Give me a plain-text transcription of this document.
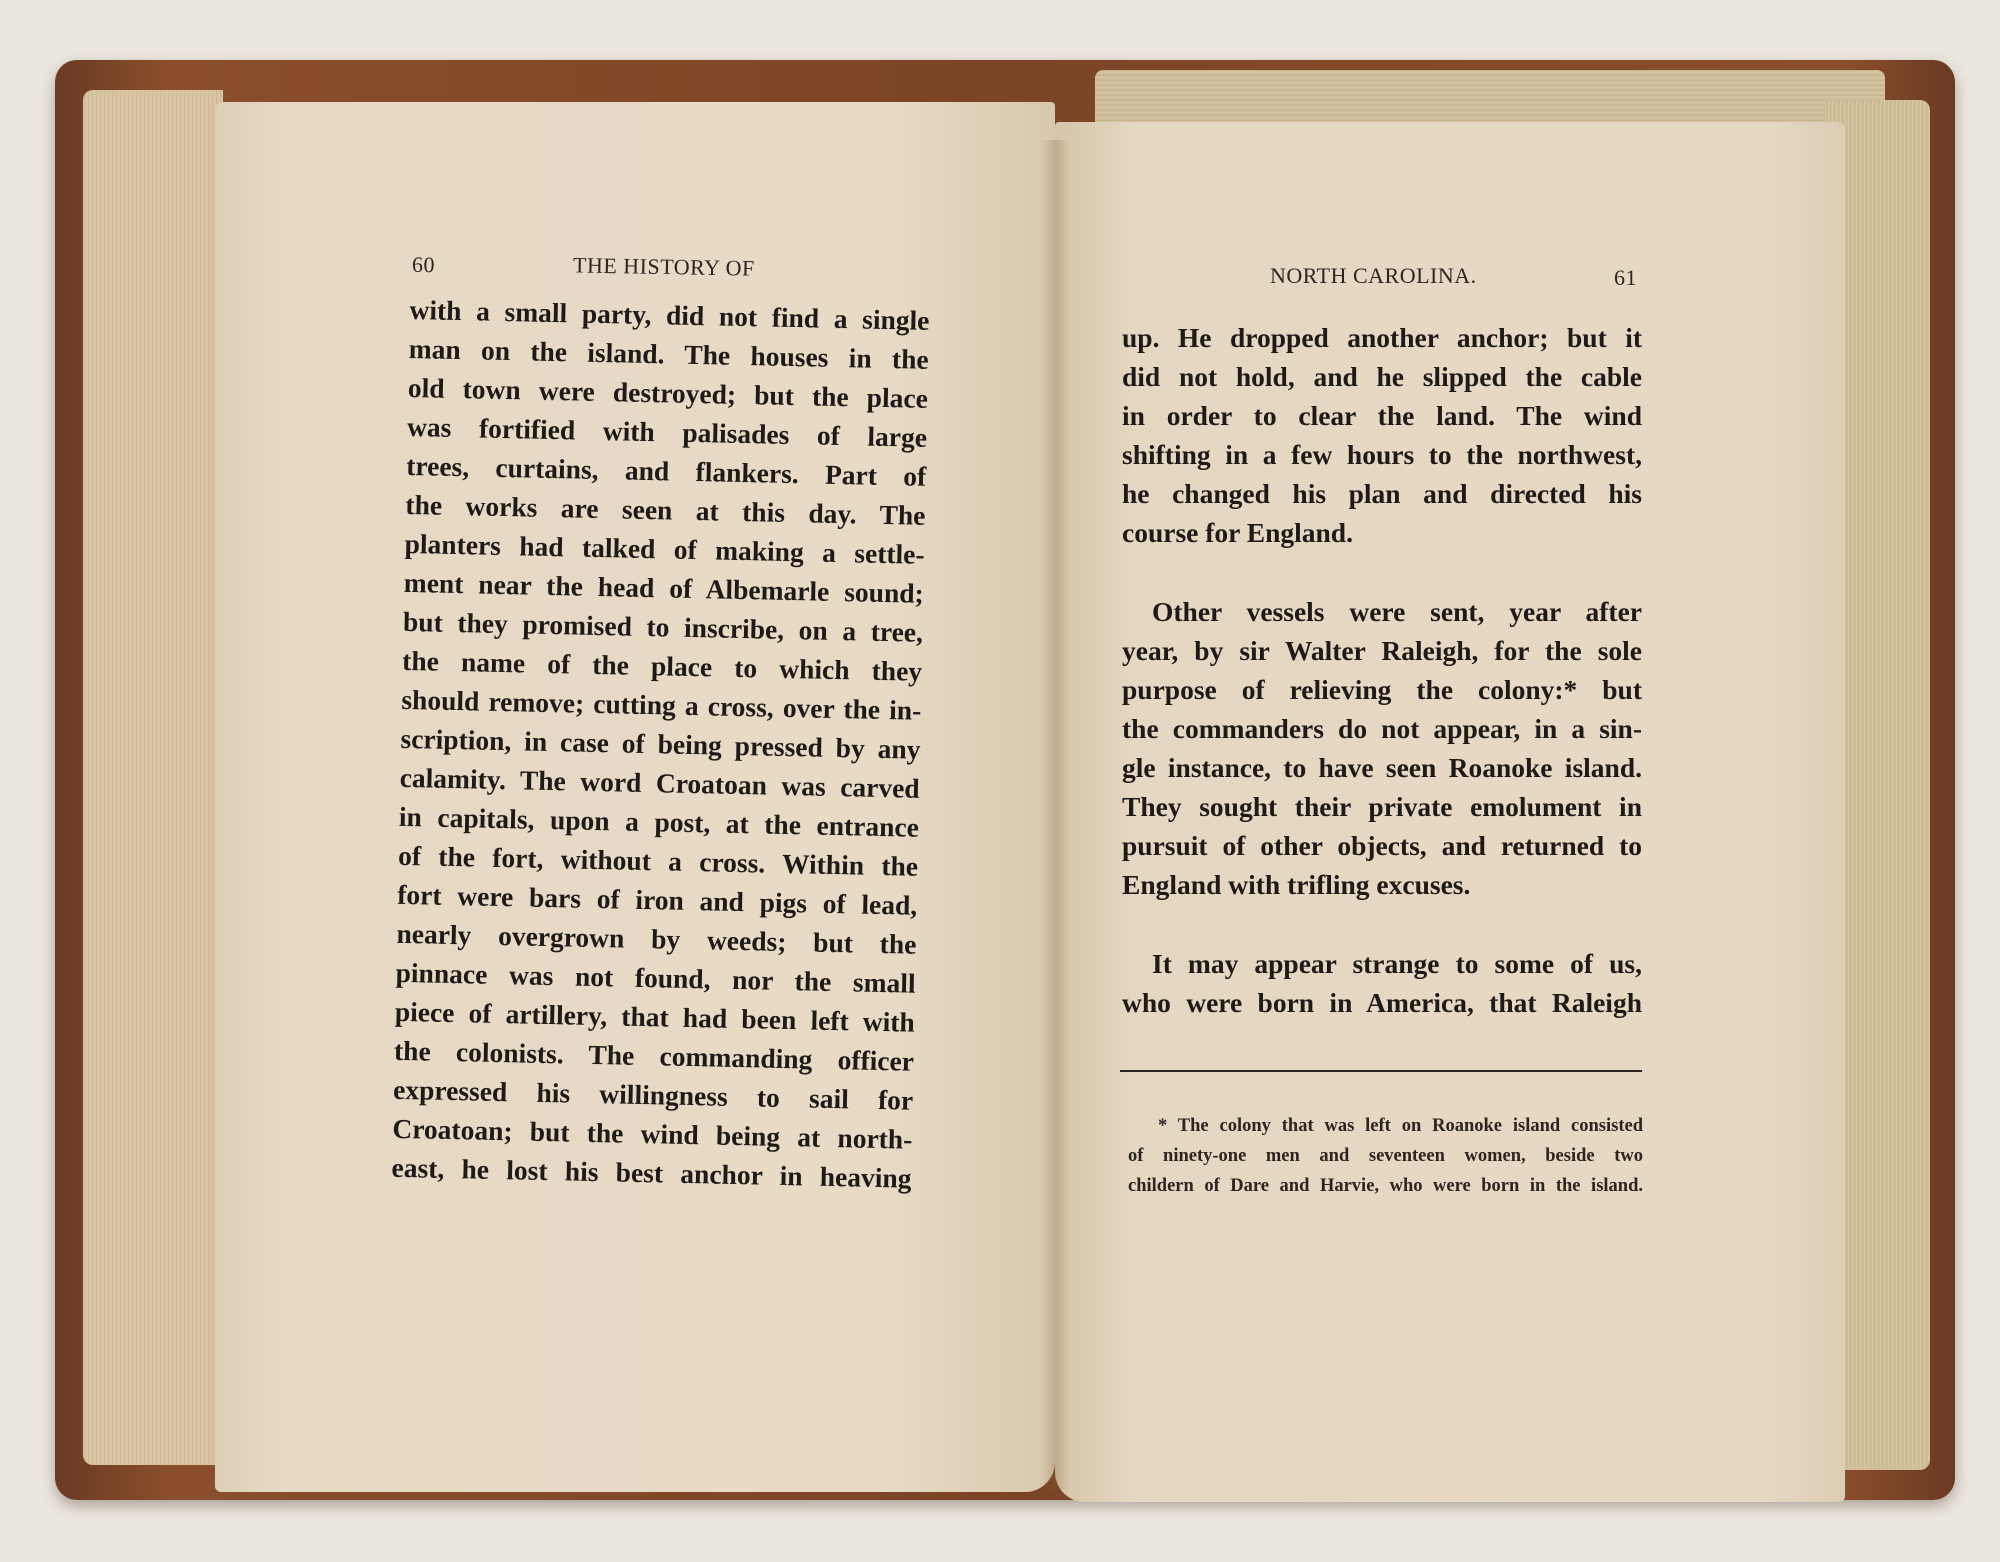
60	THE HISTORY OF
with a small party, did not find a single
man on the island. The houses in the
old town were destroyed; but the place
was fortified with palisades of large
trees, curtains, and flankers. Part of
the works are seen at this day. The
planters had talked of making a settle-
ment near the head of Albemarle sound;
but they promised to inscribe, on a tree,
the name of the place to which they
should remove; cutting a cross, over the in-
scription, in case of being pressed by any
calamity. The word Croatoan was carved
in capitals, upon a post, at the entrance
of the fort, without a cross. Within the
fort were bars of iron and pigs of lead,
nearly overgrown by weeds; but the
pinnace was not found, nor the small
piece of artillery, that had been left with
the colonists. The commanding officer
expressed his willingness to sail for
Croatoan; but the wind being at north-
east, he lost his best anchor in heaving
NORTH CAROLINA.	61
up. He dropped another anchor; but it
did not hold, and he slipped the cable
in order to clear the land. The wind
shifting in a few hours to the northwest,
he changed his plan and directed his
course for England.
Other vessels were sent, year after
year, by sir Walter Raleigh, for the sole
purpose of relieving the colony:* but
the commanders do not appear, in a sin-
gle instance, to have seen Roanoke island.
They sought their private emolument in
pursuit of other objects, and returned to
England with trifling excuses.
It may appear strange to some of us,
who were born in America, that Raleigh
* The colony that was left on Roanoke island consisted
of ninety-one men and seventeen women, beside two
childern of Dare and Harvie, who were born in the island.
